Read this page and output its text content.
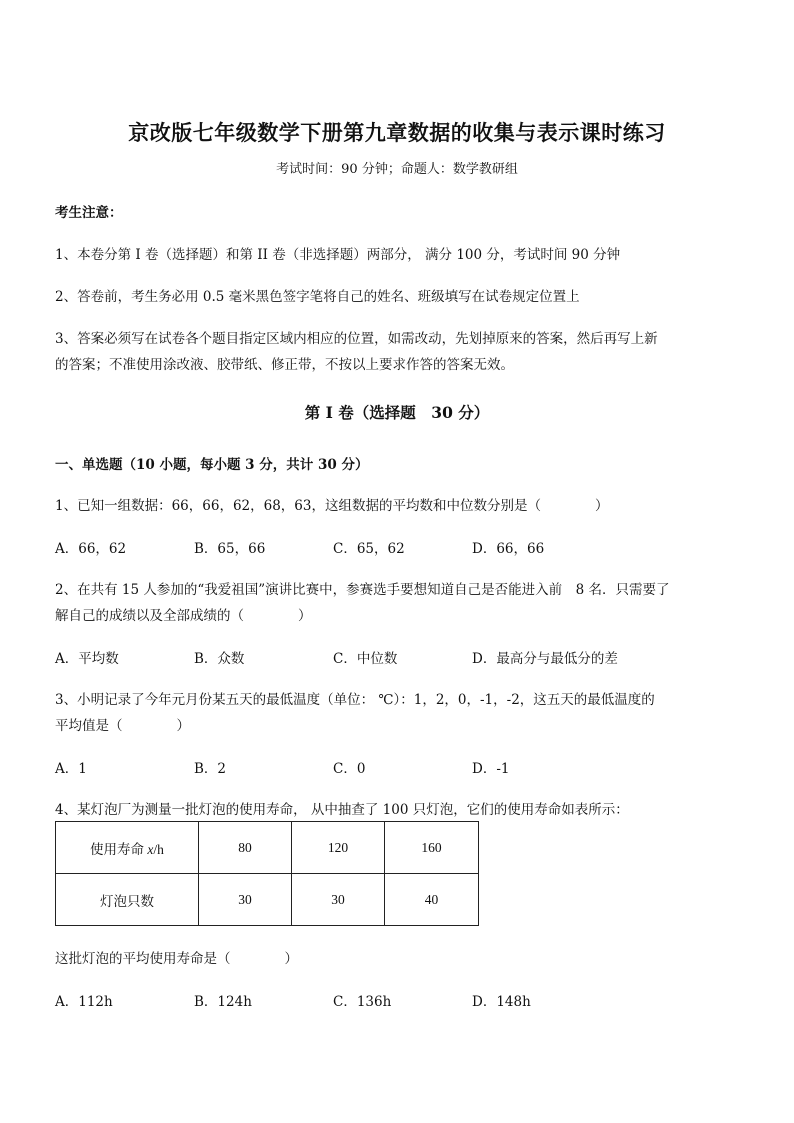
京改版七年级数学下册第九章数据的收集与表示课时练习
考试时间：90 分钟；命题人：数学教研组
考生注意：
1、本卷分第 I 卷（选择题）和第 II 卷（非选择题）两部分， 满分 100 分，考试时间 90 分钟
2、答卷前，考生务必用 0.5 毫米黑色签字笔将自己的姓名、班级填写在试卷规定位置上
3、答案必须写在试卷各个题目指定区域内相应的位置，如需改动，先划掉原来的答案，然后再写上新
的答案；不准使用涂改液、胶带纸、修正带，不按以上要求作答的答案无效。
第 I 卷（选择题　30 分）
一、单选题（10 小题，每小题 3 分，共计 30 分）
1、已知一组数据：66，66，62，68，63，这组数据的平均数和中位数分别是（　　　　）
A．66，62	B．65，66	C．65，62	D．66，66
2、在共有 15 人参加的“我爱祖国”演讲比赛中，参赛选手要想知道自己是否能进入前　8 名．只需要了
解自己的成绩以及全部成绩的（　　　　）
A．平均数	B．众数	C．中位数	D．最高分与最低分的差
3、小明记录了今年元月份某五天的最低温度（单位： ℃）：1，2，0，-1，-2，这五天的最低温度的
平均值是（　　　　）
A．1	B．2	C．0	D．-1
4、某灯泡厂为测量一批灯泡的使用寿命， 从中抽查了 100 只灯泡，它们的使用寿命如表所示：
使用寿命 x/h	80	120	160
灯泡只数	30	30	40
这批灯泡的平均使用寿命是（　　　　）
A．112h	B．124h	C．136h	D．148h
